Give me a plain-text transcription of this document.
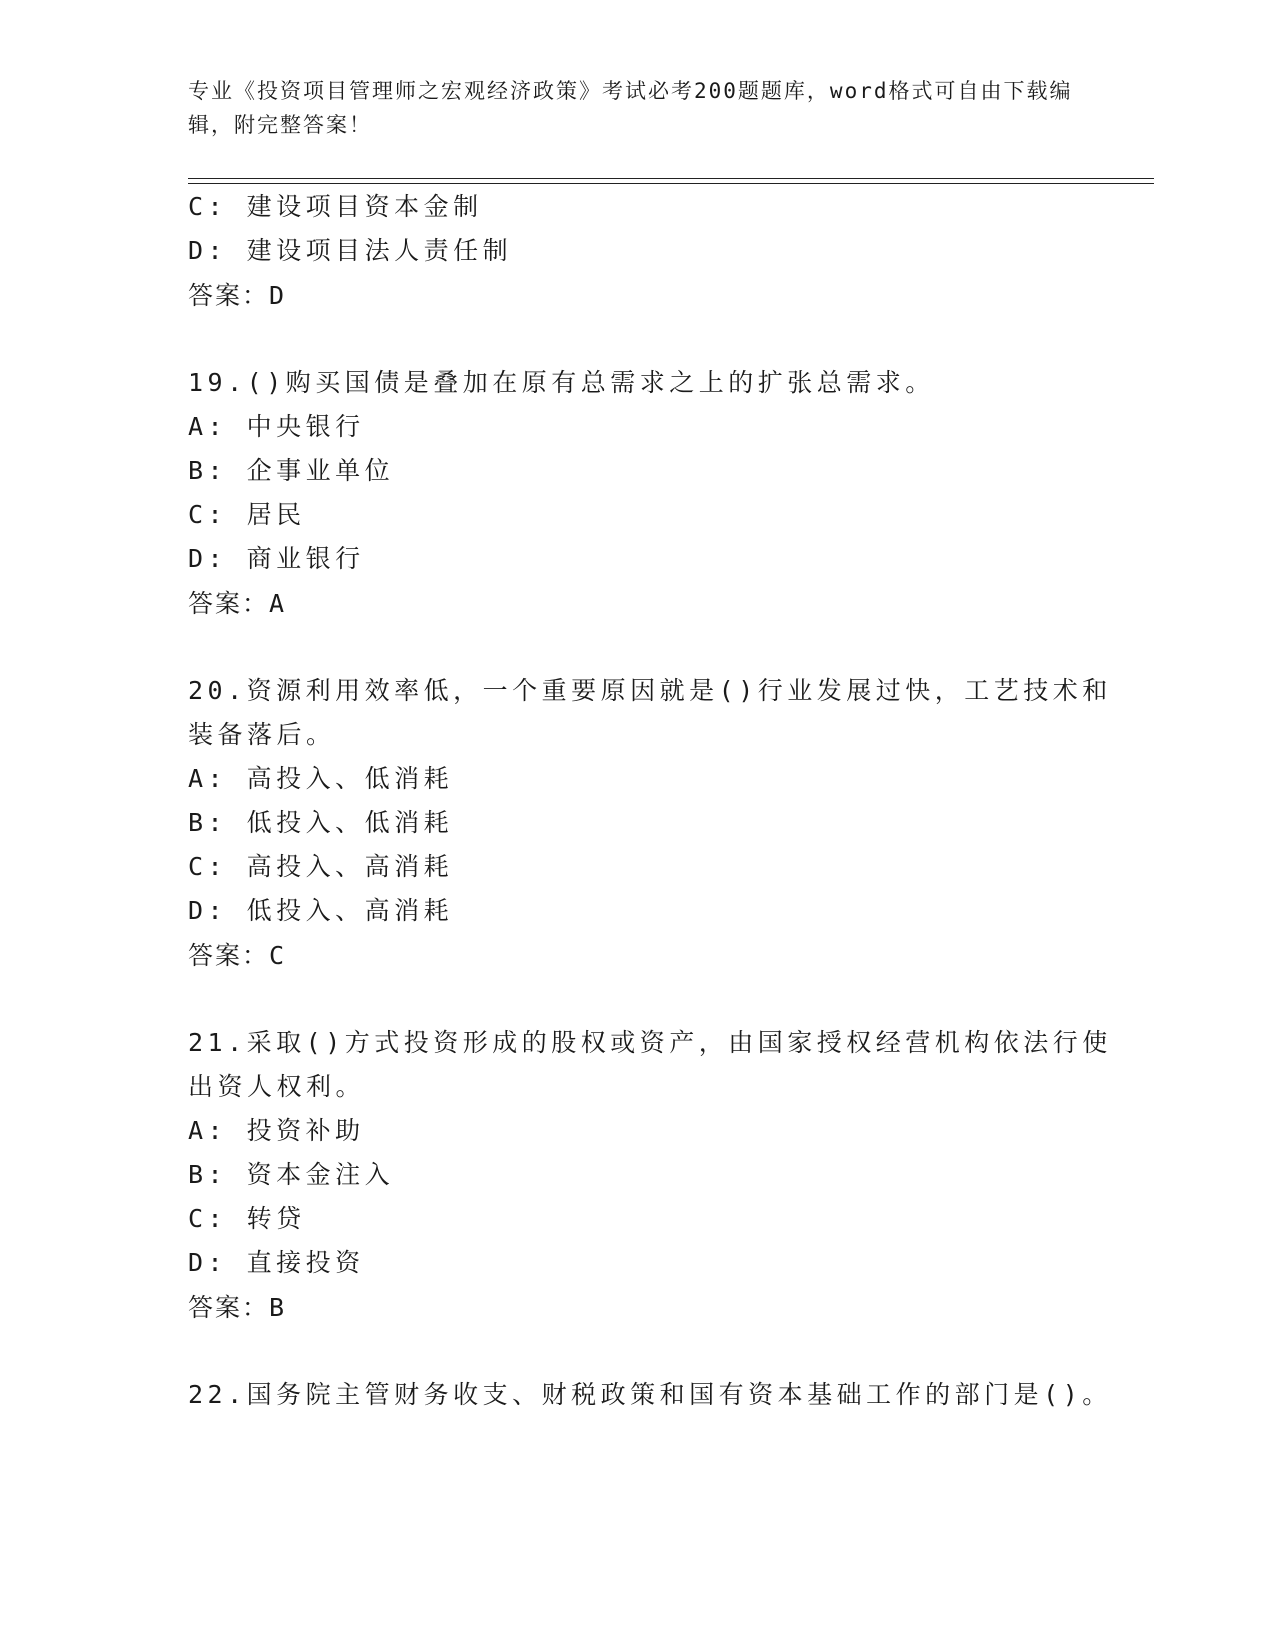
专业《投资项目管理师之宏观经济政策》考试必考200题题库，word格式可自由下载编辑，附完整答案！
C: 建设项目资本金制
D: 建设项目法人责任制
答案：D
19.()购买国债是叠加在原有总需求之上的扩张总需求。
A: 中央银行
B: 企事业单位
C: 居民
D: 商业银行
答案：A
20.资源利用效率低，一个重要原因就是()行业发展过快，工艺技术和
装备落后。
A: 高投入、低消耗
B: 低投入、低消耗
C: 高投入、高消耗
D: 低投入、高消耗
答案：C
21.采取()方式投资形成的股权或资产，由国家授权经营机构依法行使
出资人权利。
A: 投资补助
B: 资本金注入
C: 转贷
D: 直接投资
答案：B
22.国务院主管财务收支、财税政策和国有资本基础工作的部门是()。
